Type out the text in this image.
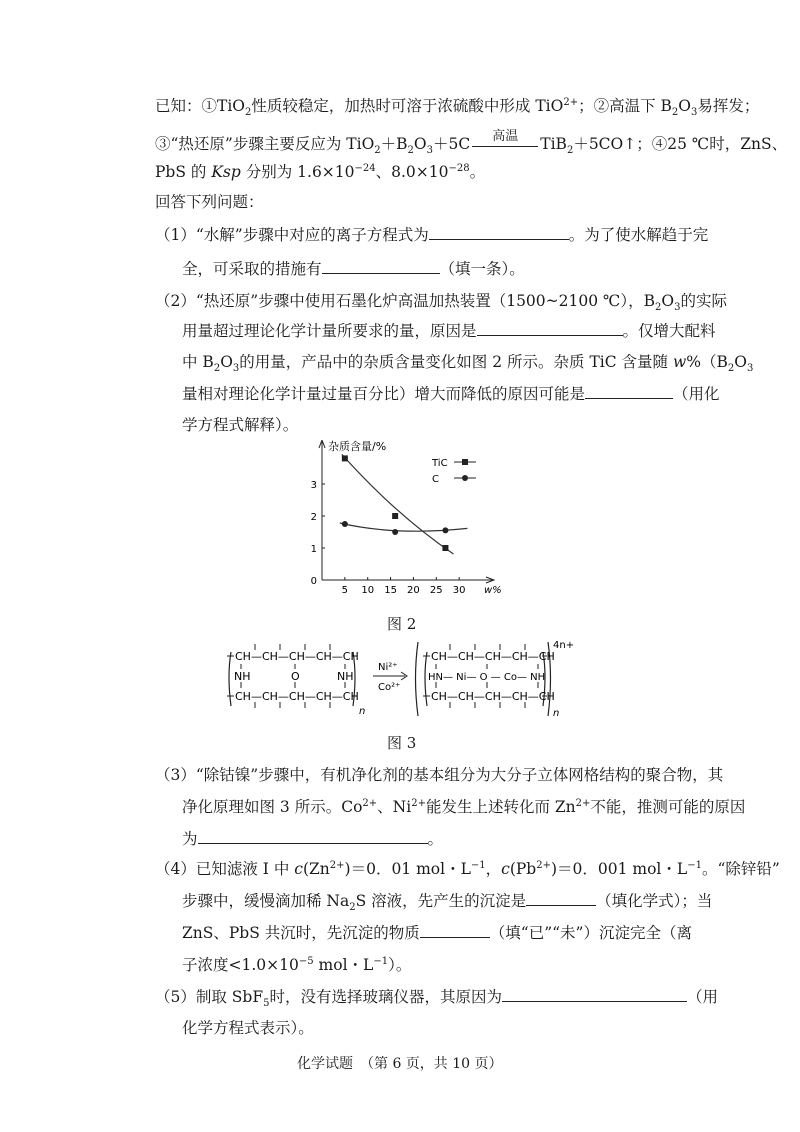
已知：①TiO$_2$性质较稳定，加热时可溶于浓硫酸中形成 TiO$^{2+}$；②高温下 $B_2O_3$易挥发；
③“热还原”步骤主要反应为 $TiO_2+B_2O_3+5C$	高温	TiB$_2$＋5CO↑；④25 ℃时，ZnS、
PbS 的 Ksp 分别为 $1.6\times 10^{-24}$、$8.0\times 10^{-28}$。
回答下列问题：
（1）“水解”步骤中对应的离子方程式为	。为了使水解趋于完
全，可采取的措施有	（填一条）。
（2）“热还原”步骤中使用石墨化炉高温加热装置（1500~2100 ℃），$B_2O_3$的实际
用量超过理论化学计量所要求的量，原因是	。仅增大配料
中 $B_2O_3$的用量，产品中的杂质含量变化如图 2 所示。杂质 TiC 含量随 $w\%(B_2O_3$
量相对理论化学计量过量百分比）增大而降低的原因可能是	（用化
学方程式解释）。
5 10 15 20 25 30
0
1
2
3
杂质含量/%
w%
TiC
C
图 2
CH—CH—CH—CH—CH
CH—CH—CH—CH—CH
NH	O	NH
n
Ni²⁺
Co²⁺
CH—CH—CH—CH—CH
CH—CH—CH—CH—CH
HN— Ni— O — Co— NH
4n+
n
图 3
（3）“除钴镍”步骤中，有机净化剂的基本组分为大分子立体网格结构的聚合物，其
净化原理如图 3 所示。$Co^{2+}$、$Ni^{2+}$能发生上述转化而 $Zn^{2+}$不能，推测可能的原因
为	。
（4）已知滤液 I 中 $c(Zn^{2+})=0$．01 mol・$L^{-1}$，$c(Pb^{2+})=0$．001 mol・$L^{-1}$。“除锌铅”
步骤中，缓慢滴加稀 $Na_2S$ 溶液，先产生的沉淀是	（填化学式）；当
ZnS、PbS 共沉时，先沉淀的物质	（填“已”“未”）沉淀完全（离
子浓度$<1.0\times 10^{-5}$ mol・$L^{-1}$）。
（5）制取 SbF$_5$时，没有选择玻璃仪器，其原因为	（用
化学方程式表示）。
化学试题　（第 6 页，共 10 页）
